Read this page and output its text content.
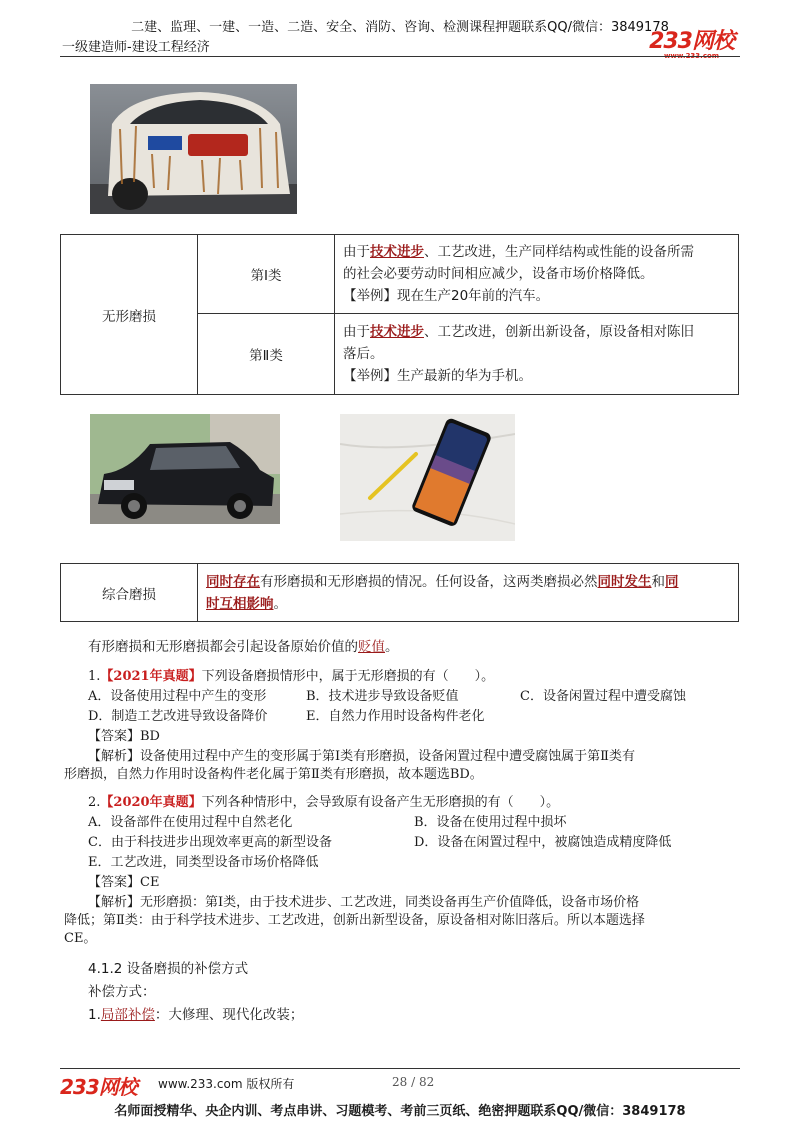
二建、监理、一建、一造、二造、安全、消防、咨询、检测课程押题联系QQ/微信：3849178
一级建造师-建设工程经济	233网校
www.233.com
无形磨损	第Ⅰ类	由于技术进步、工艺改进，生产同样结构或性能的设备所需
的社会必要劳动时间相应减少，设备市场价格降低。
【举例】现在生产20年前的汽车。

	第Ⅱ类	由于技术进步、工艺改进，创新出新设备，原设备相对陈旧
落后。
【举例】生产最新的华为手机。
综合磨损	
同时存在有形磨损和无形磨损的情况。任何设备，这两类磨损必然同时发生和同
时互相影响。
有形磨损和无形磨损都会引起设备原始价值的贬值。
1.【2021年真题】下列设备磨损情形中，属于无形磨损的有（　　）。
A．设备使用过程中产生的变形	B．技术进步导致设备贬值	C．设备闲置过程中遭受腐蚀
D．制造工艺改进导致设备降价	E．自然力作用时设备构件老化
【答案】BD
【解析】设备使用过程中产生的变形属于第Ⅰ类有形磨损，设备闲置过程中遭受腐蚀属于第Ⅱ类有
形磨损，自然力作用时设备构件老化属于第Ⅱ类有形磨损，故本题选BD。
2.【2020年真题】下列各种情形中，会导致原有设备产生无形磨损的有（　　）。
A．设备部件在使用过程中自然老化	B．设备在使用过程中损坏
C．由于科技进步出现效率更高的新型设备	D．设备在闲置过程中，被腐蚀造成精度降低
E．工艺改进，同类型设备市场价格降低
【答案】CE
【解析】无形磨损：第Ⅰ类，由于技术进步、工艺改进，同类设备再生产价值降低，设备市场价格
降低；第Ⅱ类：由于科学技术进步、工艺改进，创新出新型设备，原设备相对陈旧落后。所以本题选择
CE。
4.1.2 设备磨损的补偿方式
补偿方式：
1.局部补偿：大修理、现代化改装；
233网校 www.233.com 版权所有	28 / 82
名师面授精华、央企内训、考点串讲、习题模考、考前三页纸、绝密押题联系QQ/微信：3849178
